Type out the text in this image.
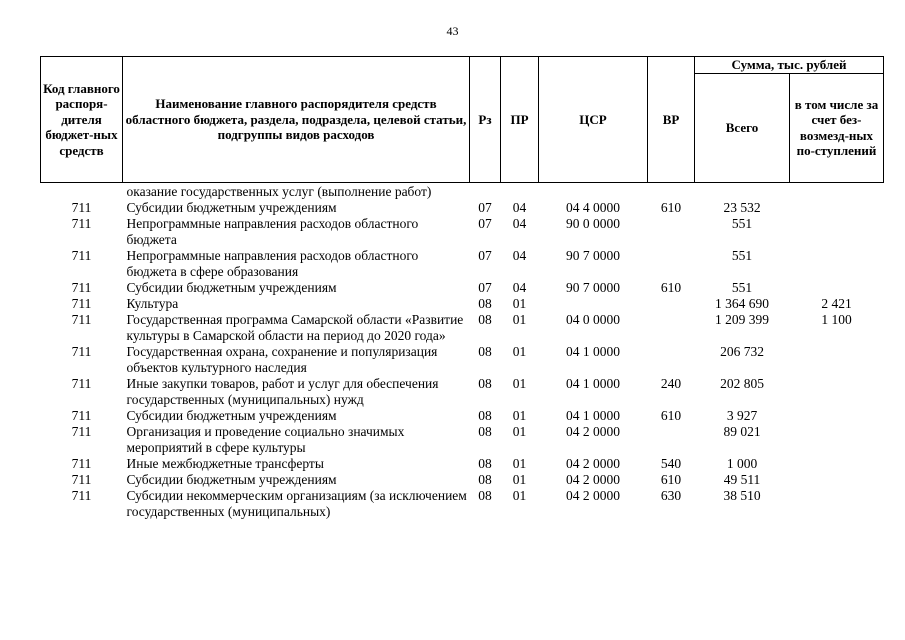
43
Код главного распоря-дителя бюджет-ных средств	Наименование главного распорядителя средств областного бюджета, раздела, подраздела, целевой статьи, подгруппы видов расходов	Рз	ПР	ЦСР	ВР	Сумма, тыс. рублей	
						Всего	в том числе за счет без-возмезд-ных по-ступлений
	оказание государственных услуг (выполнение работ)						
711	Субсидии бюджетным учреждениям	07	04	04 4 0000	610	23 532	
711	Непрограммные направления расходов областного бюджета	07	04	90 0 0000		551	
711	Непрограммные направления расходов областного бюджета в сфере образования	07	04	90 7 0000		551	
711	Субсидии бюджетным учреждениям	07	04	90 7 0000	610	551	
711	Культура	08	01			1 364 690	2 421
711	Государственная программа Самарской области «Развитие культуры в Самарской области на период до 2020 года»	08	01	04 0 0000		1 209 399	1 100
711	Государственная охрана, сохранение и популяризация объектов культурного наследия	08	01	04 1 0000		206 732	
711	Иные закупки товаров, работ и услуг для обеспечения государственных (муниципальных) нужд	08	01	04 1 0000	240	202 805	
711	Субсидии бюджетным учреждениям	08	01	04 1 0000	610	3 927	
711	Организация и проведение социально значимых мероприятий в сфере культуры	08	01	04 2 0000		89 021	
711	Иные межбюджетные трансферты	08	01	04 2 0000	540	1 000	
711	Субсидии бюджетным учреждениям	08	01	04 2 0000	610	49 511	
711	Субсидии некоммерческим организациям (за исключением государственных (муниципальных)	08	01	04 2 0000	630	38 510	
